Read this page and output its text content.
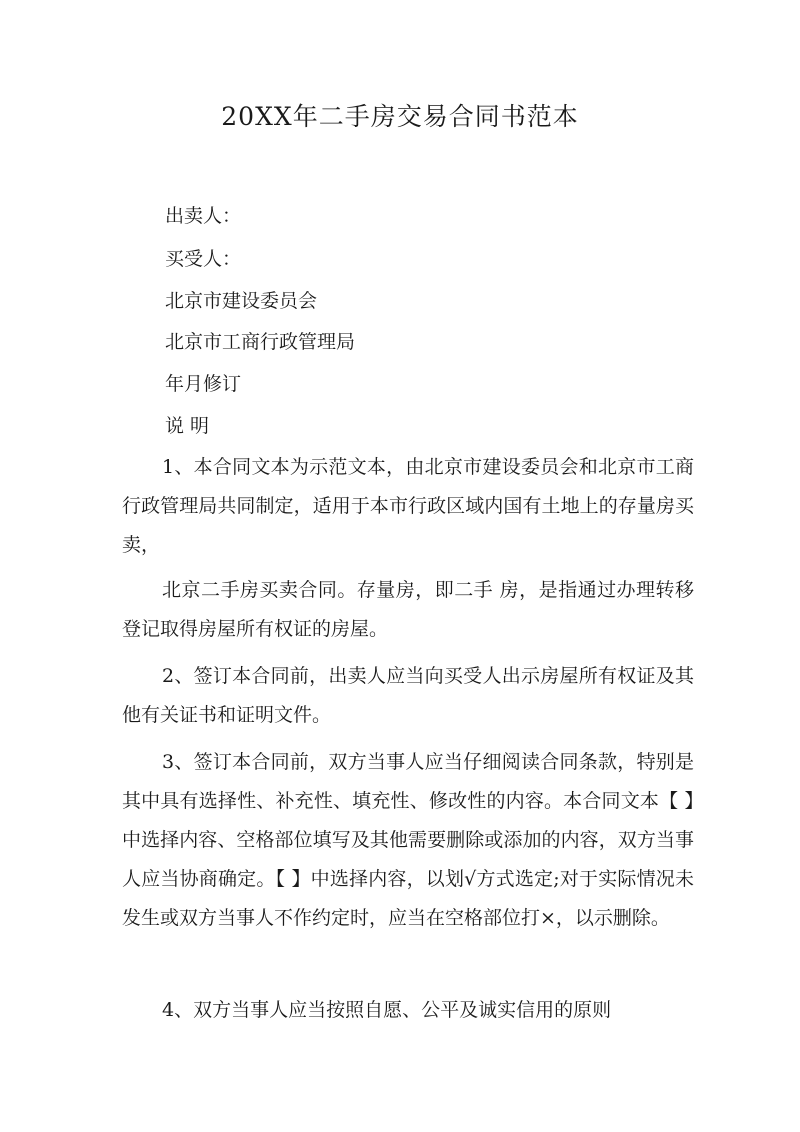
20XX年二手房交易合同书范本
出卖人：
买受人：
北京市建设委员会
北京市工商行政管理局
年月修订
说 明
1、本合同文本为示范文本，由北京市建设委员会和北京市工商行政管理局共同制定，适用于本市行政区域内国有土地上的存量房买卖，
北京二手房买卖合同。存量房，即二手 房，是指通过办理转移登记取得房屋所有权证的房屋。
2、签订本合同前，出卖人应当向买受人出示房屋所有权证及其他有关证书和证明文件。
3、签订本合同前，双方当事人应当仔细阅读合同条款，特别是其中具有选择性、补充性、填充性、修改性的内容。本合同文本【 】中选择内容、空格部位填写及其他需要删除或添加的内容，双方当事人应当协商确定。【 】中选择内容，以划√方式选定;对于实际情况未发生或双方当事人不作约定时，应当在空格部位打×，以示删除。
4、双方当事人应当按照自愿、公平及诚实信用的原则
